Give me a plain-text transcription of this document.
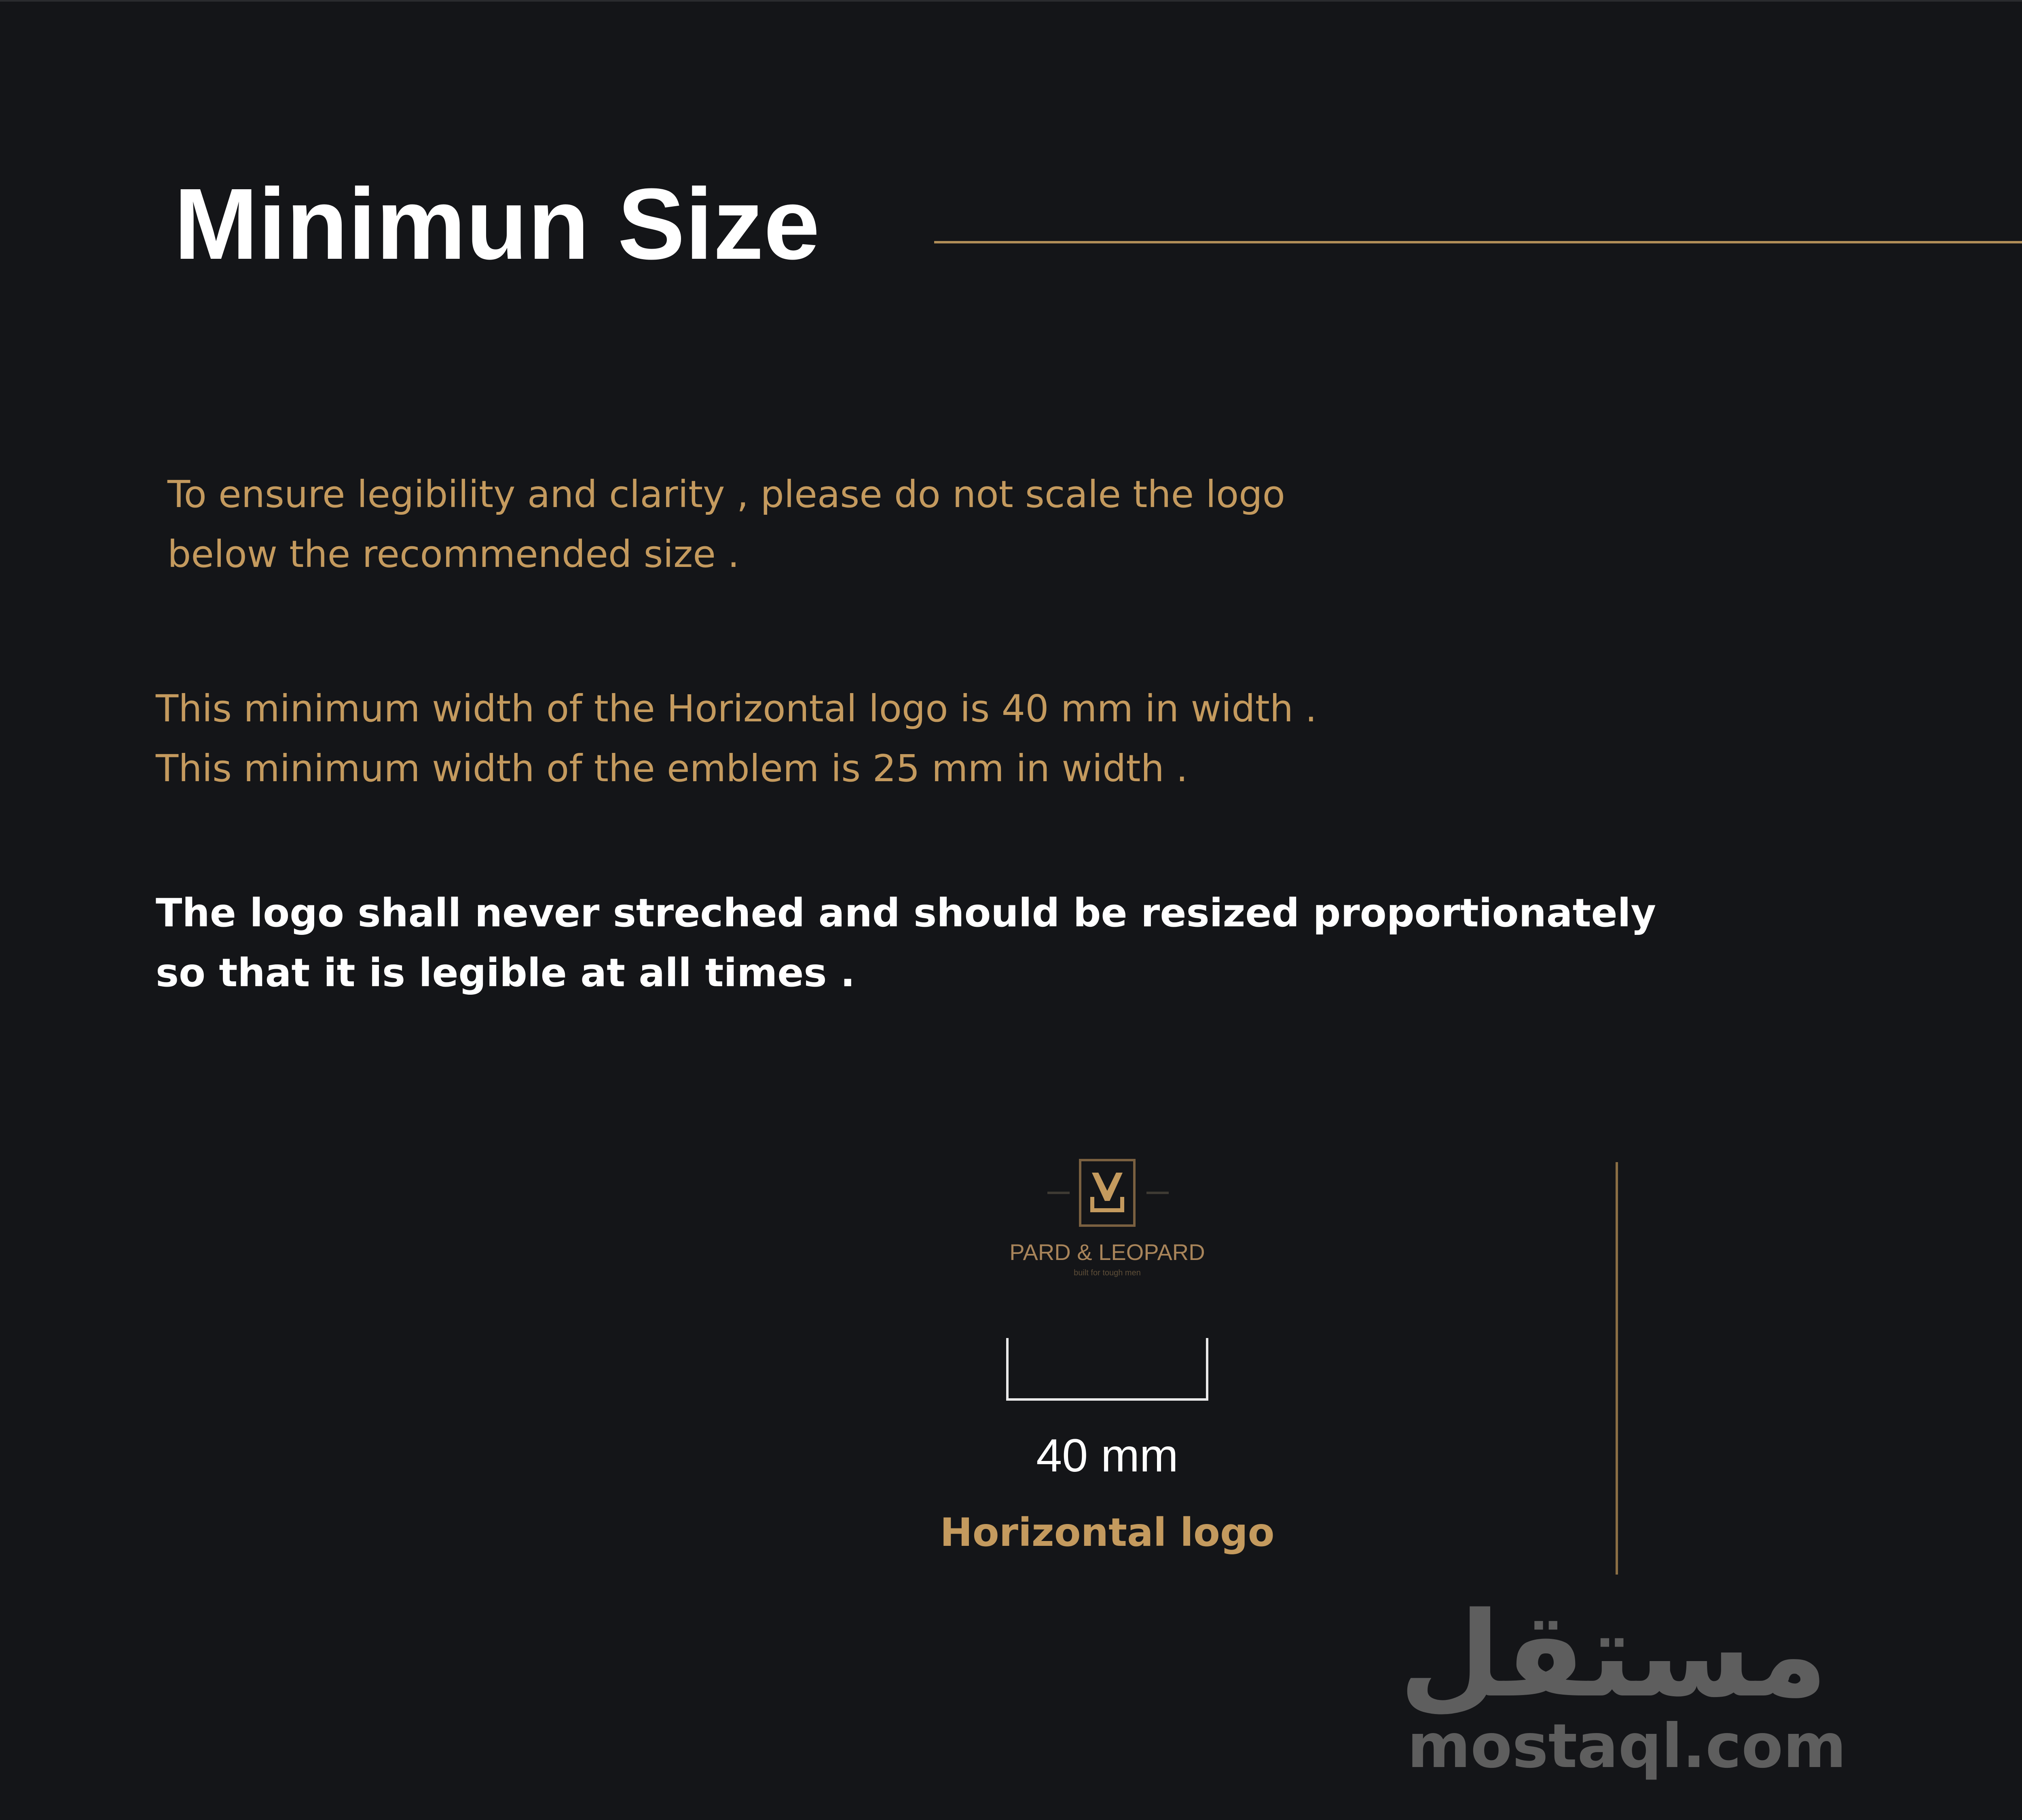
Minimun Size
To ensure legibility and clarity , please do not scale the logo
below the recommended size .
This minimum width of the Horizontal logo is 40 mm in width .
This minimum width of the emblem is 25 mm in width .
The logo shall never streched and should be resized proportionately
so that it is legible at all times .
PARD & LEOPARD
built for tough men
40 mm
Horizontal logo
مستقل
mostaql.com
